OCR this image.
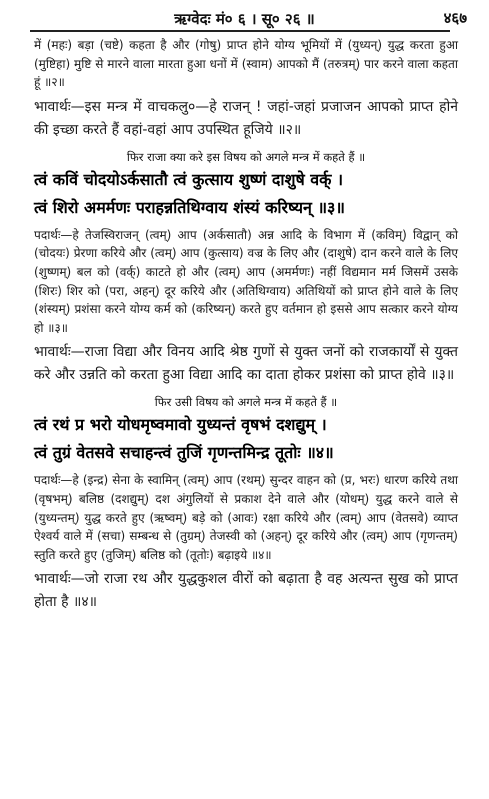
ऋग्वेदः मं० ६ । सू० २६ ॥	४६७

में (महः) बड़ा (चष्टे) कहता है और (गोषु) प्राप्त होने योग्य भूमियों में (युध्यन्) युद्ध करता हुआ (मुष्टिहा) मुष्टि से मारने वाला मारता हुआ धनों में (स्वाम) आपको मैं (तरुत्रम्) पार करने वाला कहता हूं ॥२॥

भावार्थः—इस मन्त्र में वाचकलु०—हे राजन् ! जहां-जहां प्रजाजन आपको प्राप्त होने की इच्छा करते हैं वहां-वहां आप उपस्थित हूजिये ॥२॥

फिर राजा क्या करे इस विषय को अगले मन्त्र में कहते हैं ॥

त्वं कविं चोदयोऽर्कसातौ त्वं कुत्साय शुष्णं दाशुषे वर्क् ।

त्वं शिरो अमर्मणः पराहन्नतिथिग्वाय शंस्यं करिष्यन् ॥३॥

पदार्थः—हे तेजस्विराजन् (त्वम्) आप (अर्कसातौ) अन्न आदि के विभाग में (कविम्) विद्वान् को (चोदयः) प्रेरणा करिये और (त्वम्) आप (कुत्साय) वज्र के लिए और (दाशुषे) दान करने वाले के लिए (शुष्णम्) बल को (वर्क्) काटते हो और (त्वम्) आप (अमर्मणः) नहीं विद्यमान मर्म जिसमें उसके (शिरः) शिर को (परा, अहन्) दूर करिये और (अतिथिग्वाय) अतिथियों को प्राप्त होने वाले के लिए (शंस्यम्) प्रशंसा करने योग्य कर्म को (करिष्यन्) करते हुए वर्तमान हो इससे आप सत्कार करने योग्य हो ॥३॥

भावार्थः—राजा विद्या और विनय आदि श्रेष्ठ गुणों से युक्त जनों को राजकार्यों से युक्त करे और उन्नति को करता हुआ विद्या आदि का दाता होकर प्रशंसा को प्राप्त होवे ॥३॥

फिर उसी विषय को अगले मन्त्र में कहते हैं ॥

त्वं रथं प्र भरो योधमृष्वमावो युध्यन्तं वृषभं दशद्युम् ।

त्वं तुग्रं वेतसवे सचाहन्त्वं तुजिं गृणन्तमिन्द्र तूतोः ॥४॥

पदार्थः—हे (इन्द्र) सेना के स्वामिन् (त्वम्) आप (रथम्) सुन्दर वाहन को (प्र, भरः) धारण करिये तथा (वृषभम्) बलिष्ठ (दशद्युम्) दश अंगुलियों से प्रकाश देने वाले और (योधम्) युद्ध करने वाले से (युध्यन्तम्) युद्ध करते हुए (ऋष्वम्) बड़े को (आवः) रक्षा करिये और (त्वम्) आप (वेतसवे) व्याप्त ऐश्वर्य वाले में (सचा) सम्बन्ध से (तुग्रम्) तेजस्वी को (अहन्) दूर करिये और (त्वम्) आप (गृणन्तम्) स्तुति करते हुए (तुजिम्) बलिष्ठ को (तूतोः) बढ़ाइये ॥४॥

भावार्थः—जो राजा रथ और युद्धकुशल वीरों को बढ़ाता है वह अत्यन्त सुख को प्राप्त होता है ॥४॥
